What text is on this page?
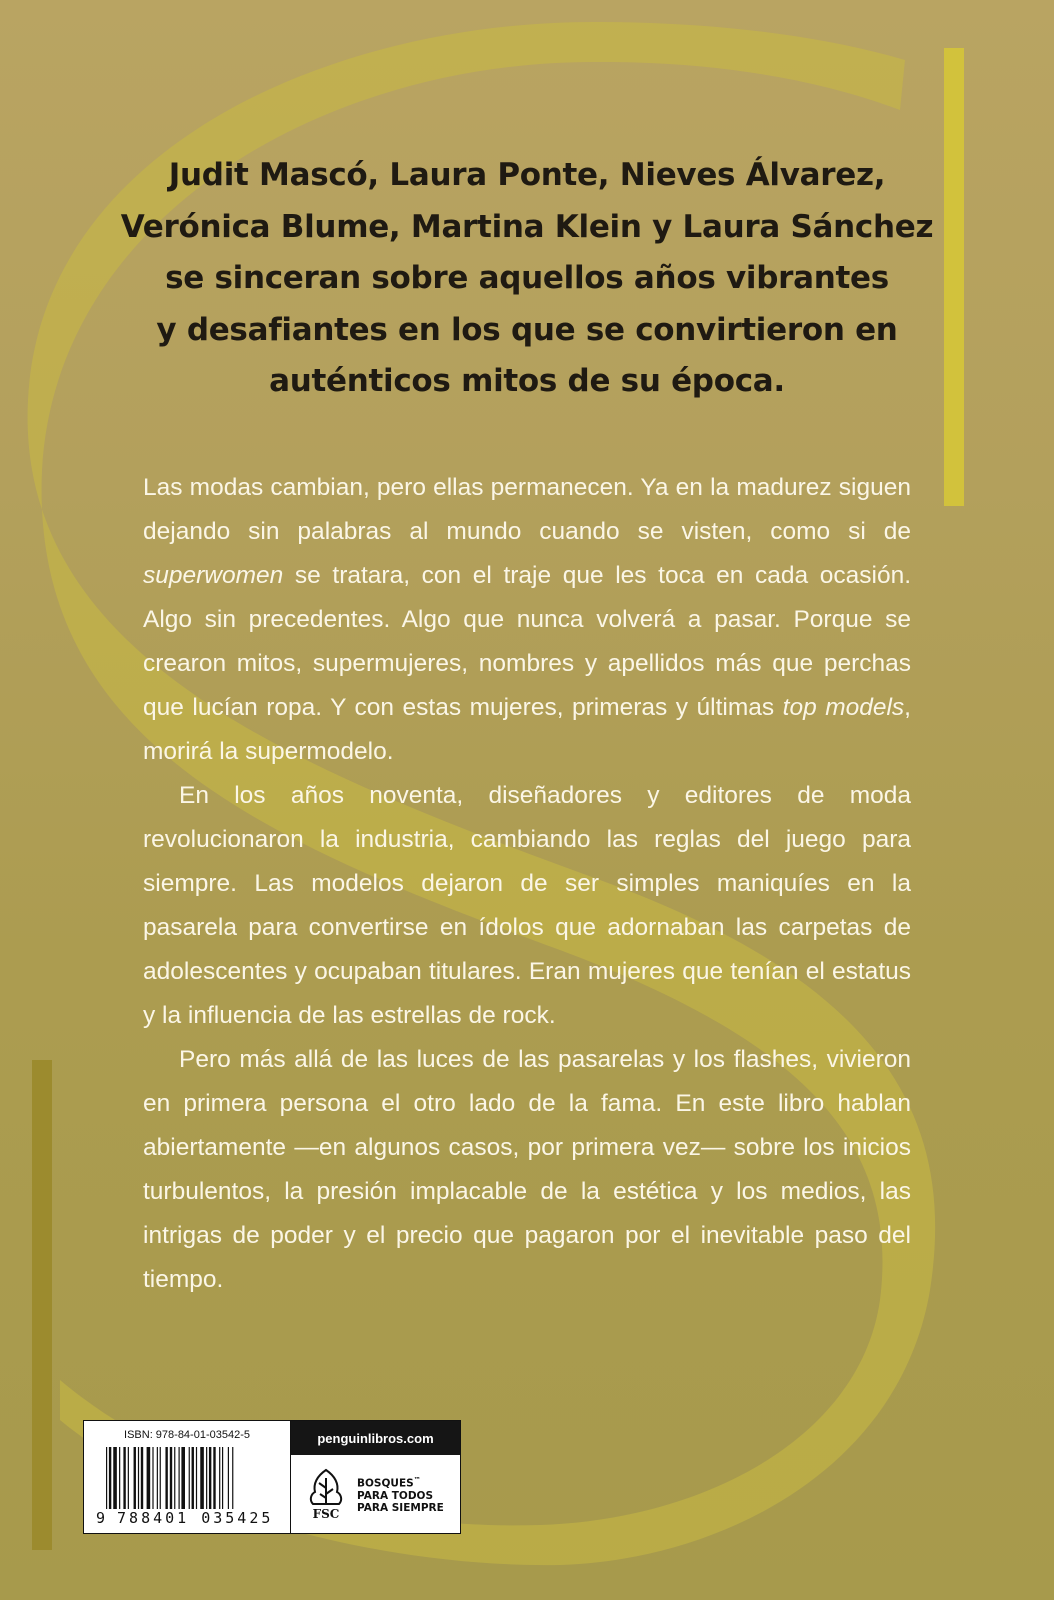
Judit Mascó, Laura Ponte, Nieves Álvarez,
Verónica Blume, Martina Klein y Laura Sánchez
se sinceran sobre aquellos años vibrantes
y desafiantes en los que se convirtieron en
auténticos mitos de su época.

Las modas cambian, pero ellas permanecen. Ya en la madurez siguen dejando sin palabras al mundo cuando se visten, como si de superwomen se tratara, con el traje que les toca en cada ocasión. Algo sin precedentes. Algo que nunca volverá a pasar. Porque se crearon mitos, supermujeres, nombres y apellidos más que perchas que lucían ropa. Y con estas mujeres, primeras y últimas top models, morirá la supermodelo.

En los años noventa, diseñadores y editores de moda revolucionaron la industria, cambiando las reglas del juego para siempre. Las modelos dejaron de ser simples maniquíes en la pasarela para convertirse en ídolos que adornaban las carpetas de adolescentes y ocupaban titulares. Eran mujeres que tenían el estatus y la influencia de las estrellas de rock.

Pero más allá de las luces de las pasarelas y los flashes, vivieron en primera persona el otro lado de la fama. En este libro hablan abiertamente —en algunos casos, por primera vez— sobre los inicios turbulentos, la presión implacable de la estética y los medios, las intrigas de poder y el precio que pagaron por el inevitable paso del tiempo.

ISBN: 978-84-01-03542-5
9 788401 035425
penguinlibros.com
FSC
BOSQUES™
PARA TODOS
PARA SIEMPRE
